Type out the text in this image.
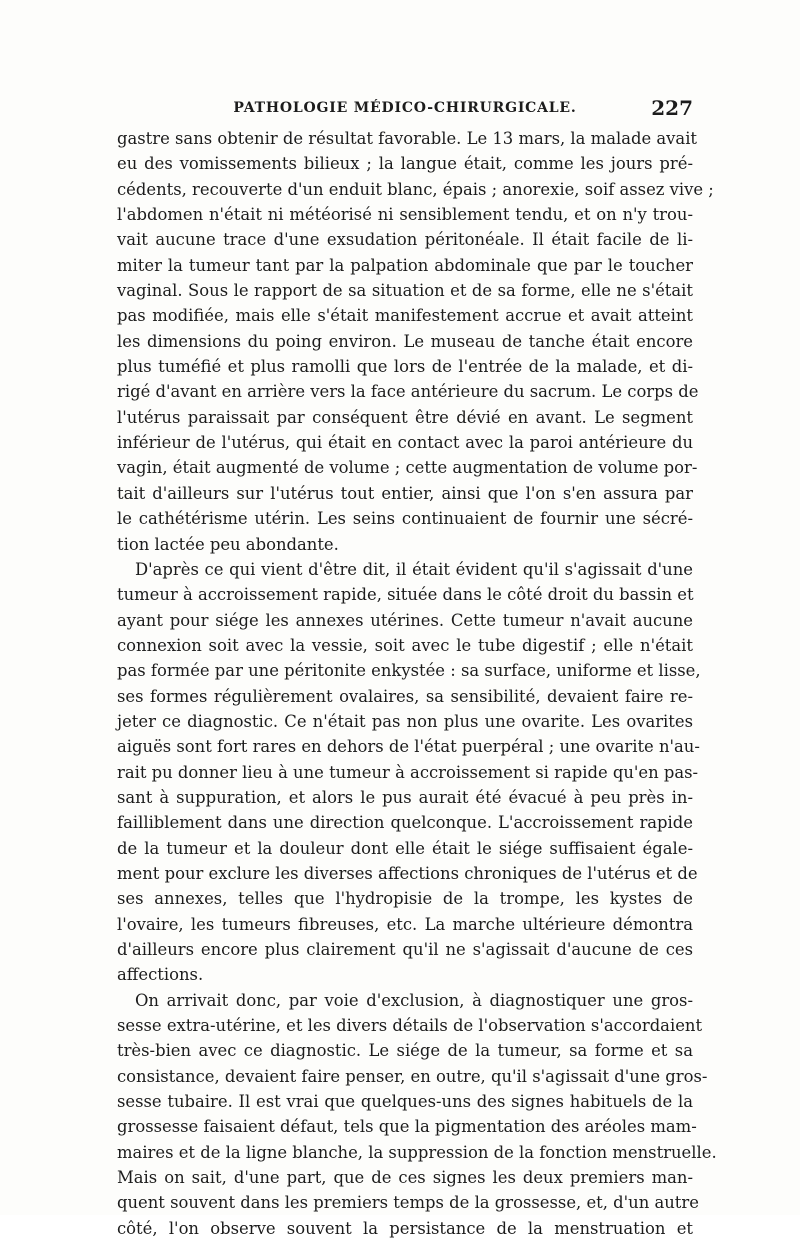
PATHOLOGIE MÉDICO-CHIRURGICALE.	227
gastre sans obtenir de résultat favorable. Le 13 mars, la malade avait
eu des vomissements bilieux ; la langue était, comme les jours pré-
cédents, recouverte d'un enduit blanc, épais ; anorexie, soif assez vive ;
l'abdomen n'était ni météorisé ni sensiblement tendu, et on n'y trou-
vait aucune trace d'une exsudation péritonéale. Il était facile de li-
miter la tumeur tant par la palpation abdominale que par le toucher
vaginal. Sous le rapport de sa situation et de sa forme, elle ne s'était
pas modifiée, mais elle s'était manifestement accrue et avait atteint
les dimensions du poing environ. Le museau de tanche était encore
plus tuméfié et plus ramolli que lors de l'entrée de la malade, et di-
rigé d'avant en arrière vers la face antérieure du sacrum. Le corps de
l'utérus paraissait par conséquent être dévié en avant. Le segment
inférieur de l'utérus, qui était en contact avec la paroi antérieure du
vagin, était augmenté de volume ; cette augmentation de volume por-
tait d'ailleurs sur l'utérus tout entier, ainsi que l'on s'en assura par
le cathétérisme utérin. Les seins continuaient de fournir une sécré-
tion lactée peu abondante.
D'après ce qui vient d'être dit, il était évident qu'il s'agissait d'une
tumeur à accroissement rapide, située dans le côté droit du bassin et
ayant pour siége les annexes utérines. Cette tumeur n'avait aucune
connexion soit avec la vessie, soit avec le tube digestif ; elle n'était
pas formée par une péritonite enkystée : sa surface, uniforme et lisse,
ses formes régulièrement ovalaires, sa sensibilité, devaient faire re-
jeter ce diagnostic. Ce n'était pas non plus une ovarite. Les ovarites
aiguës sont fort rares en dehors de l'état puerpéral ; une ovarite n'au-
rait pu donner lieu à une tumeur à accroissement si rapide qu'en pas-
sant à suppuration, et alors le pus aurait été évacué à peu près in-
failliblement dans une direction quelconque. L'accroissement rapide
de la tumeur et la douleur dont elle était le siége suffisaient égale-
ment pour exclure les diverses affections chroniques de l'utérus et de
ses annexes, telles que l'hydropisie de la trompe, les kystes de
l'ovaire, les tumeurs fibreuses, etc. La marche ultérieure démontra
d'ailleurs encore plus clairement qu'il ne s'agissait d'aucune de ces
affections.
On arrivait donc, par voie d'exclusion, à diagnostiquer une gros-
sesse extra-utérine, et les divers détails de l'observation s'accordaient
très-bien avec ce diagnostic. Le siége de la tumeur, sa forme et sa
consistance, devaient faire penser, en outre, qu'il s'agissait d'une gros-
sesse tubaire. Il est vrai que quelques-uns des signes habituels de la
grossesse faisaient défaut, tels que la pigmentation des aréoles mam-
maires et de la ligne blanche, la suppression de la fonction menstruelle.
Mais on sait, d'une part, que de ces signes les deux premiers man-
quent souvent dans les premiers temps de la grossesse, et, d'un autre
côté, l'on observe souvent la persistance de la menstruation et
